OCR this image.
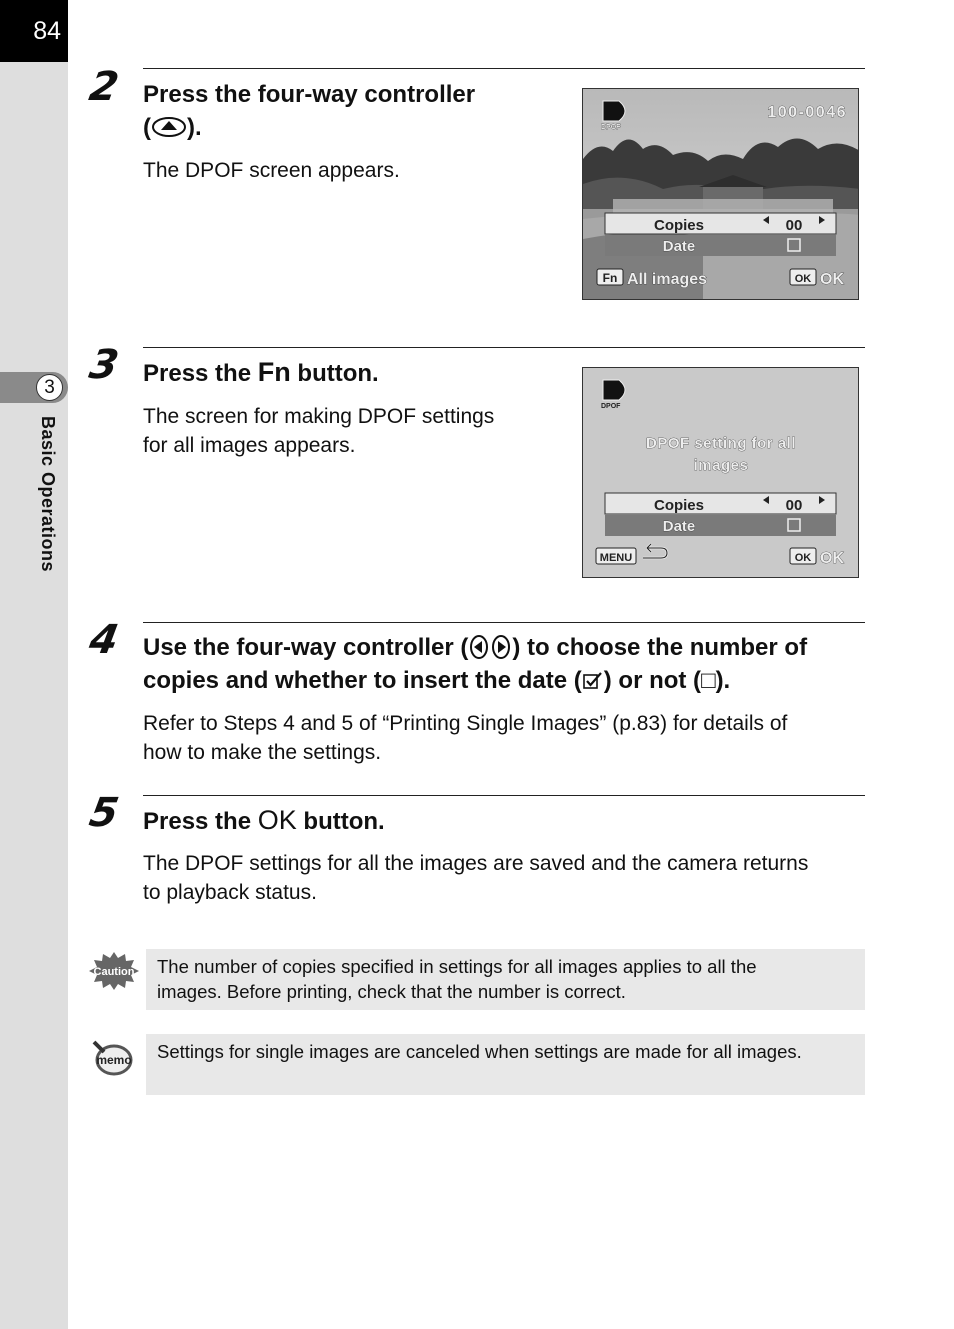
84
3
Basic Operations
2 Press the four-way controller
( ).
The DPOF screen appears.
DPOF
100-0046
Copies	00
Date
Fn All images	OK OK
3 Press the Fn button.
The screen for making DPOF settings
for all images appears.
DPOF
DPOF setting for all
images
Copies	00
Date
MENU	OK OK
4 Use the four-way controller ( ) to choose the number of
copies and whether to insert the date ( ) or not (□).
Refer to Steps 4 and 5 of “Printing Single Images” (p.83) for details of
how to make the settings.
5 Press the OK button.
The DPOF settings for all the images are saved and the camera returns
to playback status.
Caution The number of copies specified in settings for all images applies to all the
images. Before printing, check that the number is correct.
memo Settings for single images are canceled when settings are made for all images.
